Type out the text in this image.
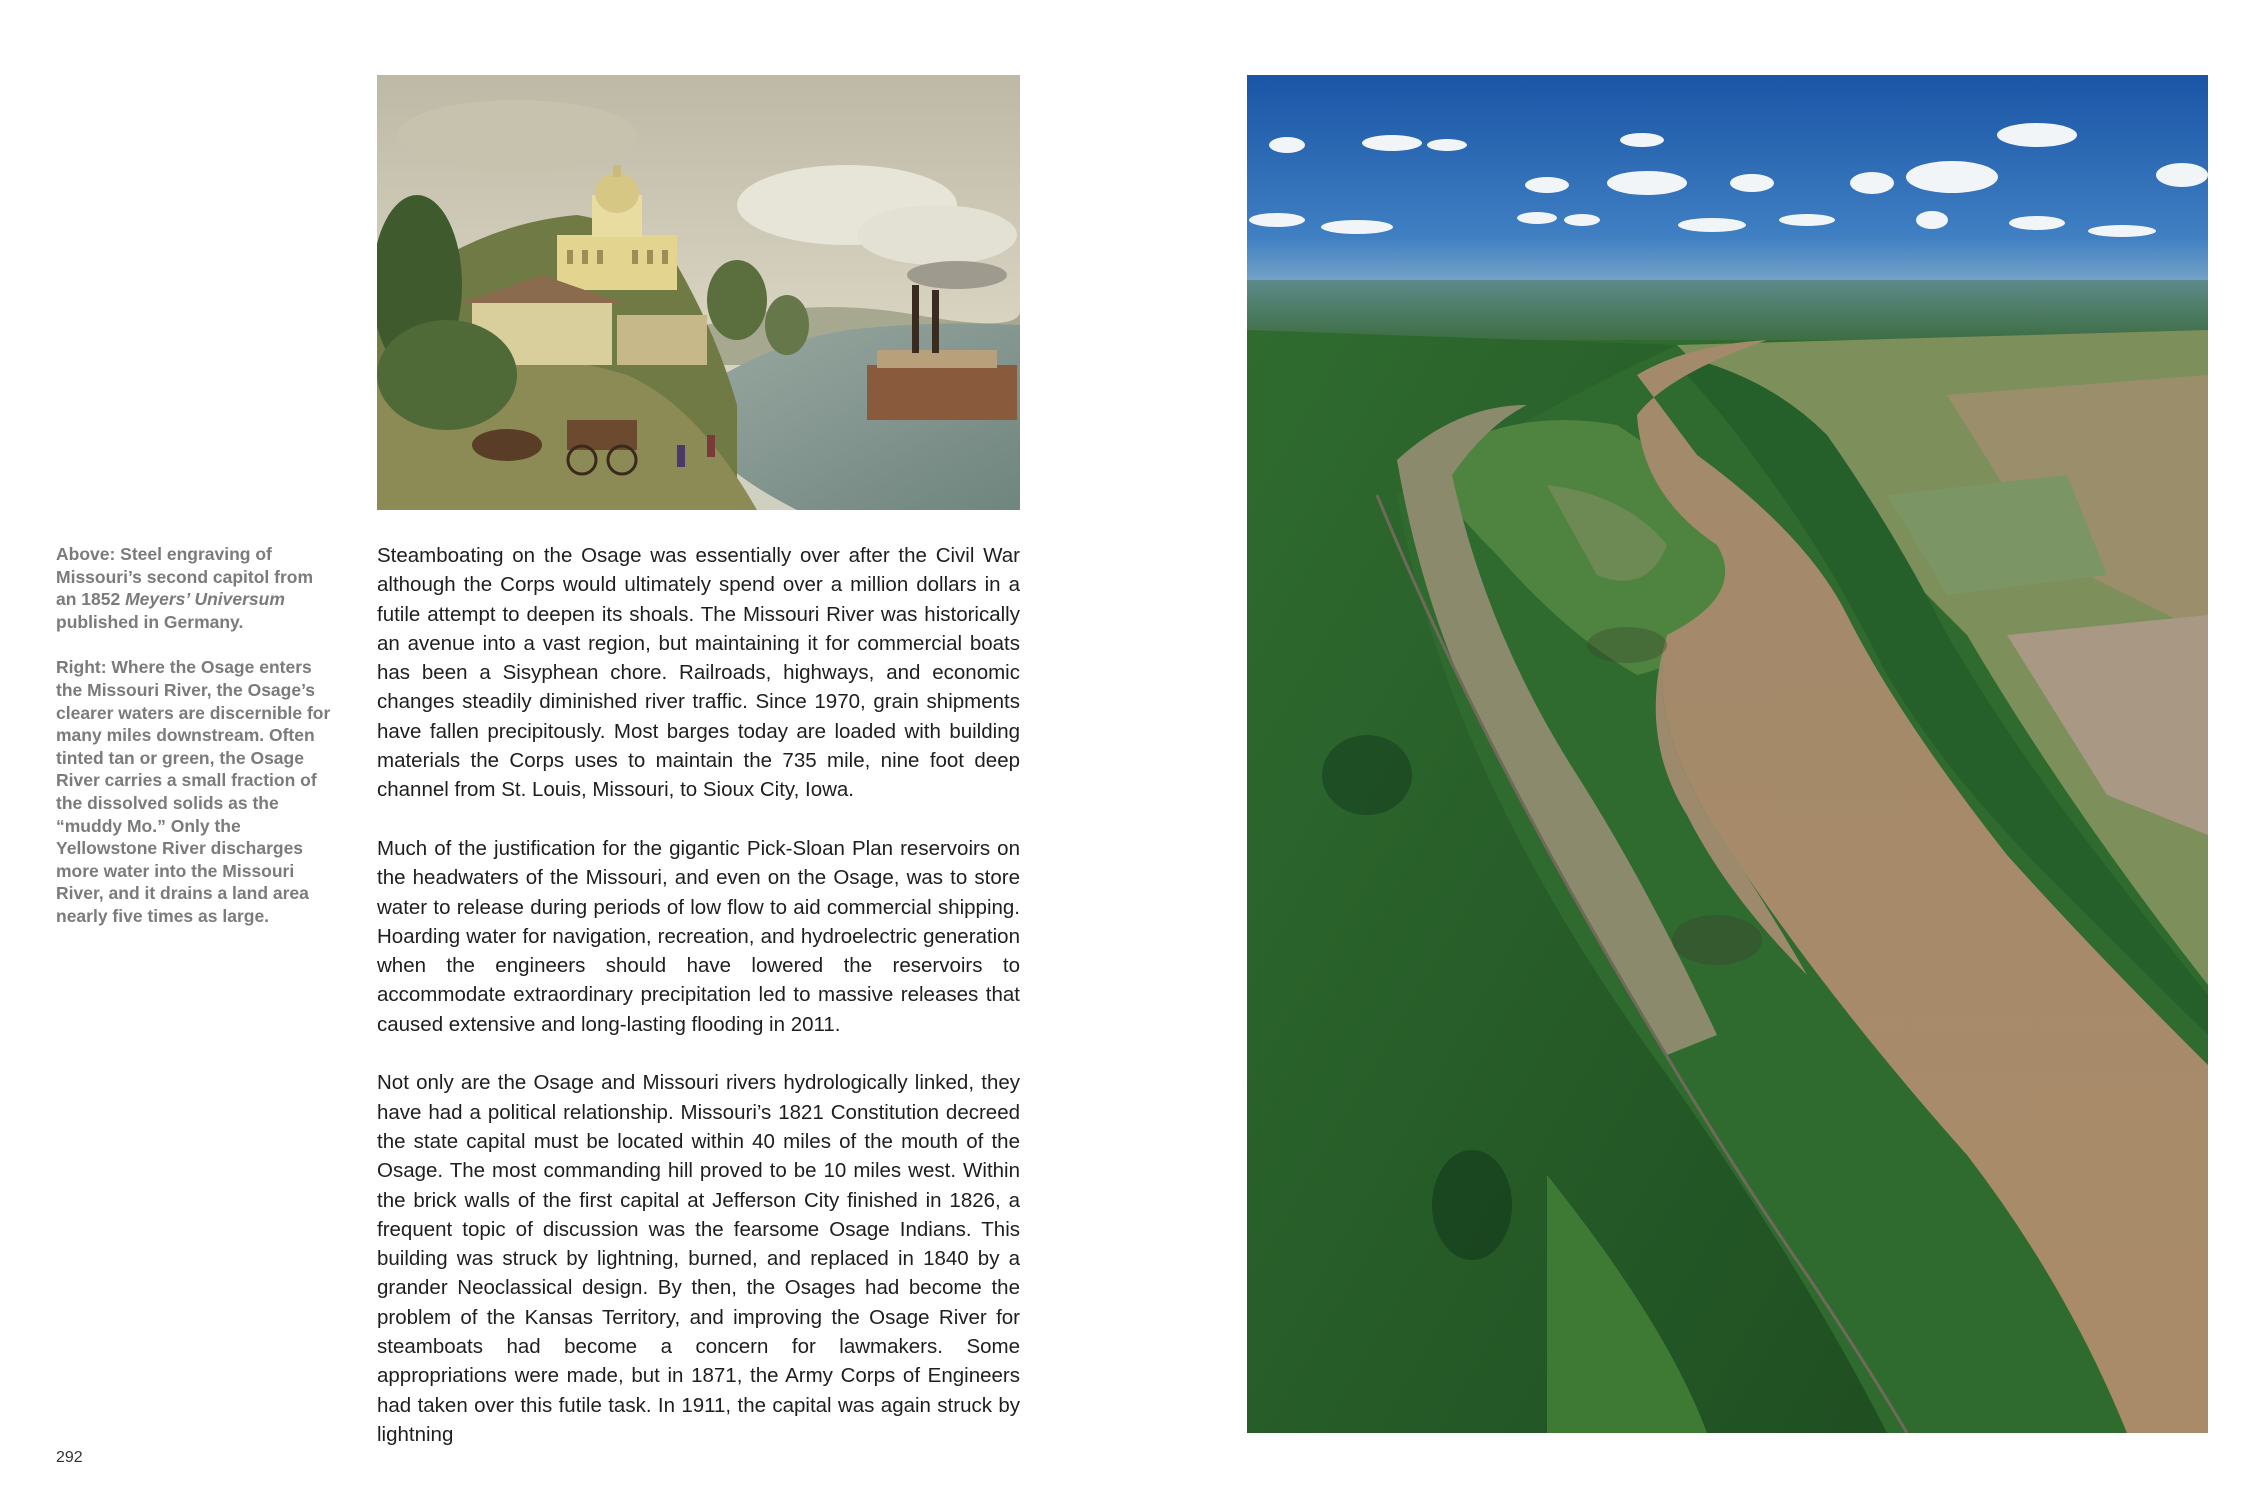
Above: Steel engraving of Missouri’s second capitol from an 1852 Meyers’ Universum published in Germany.

Right: Where the Osage enters the Missouri River, the Osage’s clearer waters are discernible for many miles downstream. Often tinted tan or green, the Osage River carries a small fraction of the dissolved solids as the “muddy Mo.” Only the Yellowstone River discharges more water into the Missouri River, and it drains a land area nearly five times as large.

Steamboating on the Osage was essentially over after the Civil War although the Corps would ultimately spend over a million dollars in a futile attempt to deepen its shoals. The Missouri River was historically an avenue into a vast region, but maintaining it for commercial boats has been a Sisyphean chore. Railroads, highways, and economic changes steadily diminished river traffic. Since 1970, grain shipments have fallen precipitously. Most barges today are loaded with building materials the Corps uses to maintain the 735 mile, nine foot deep channel from St. Louis, Missouri, to Sioux City, Iowa.

Much of the justification for the gigantic Pick-Sloan Plan reservoirs on the headwaters of the Missouri, and even on the Osage, was to store water to release during periods of low flow to aid commercial shipping. Hoarding water for navigation, recreation, and hydroelectric generation when the engineers should have lowered the reservoirs to accommodate extraordinary precipitation led to massive releases that caused extensive and long-lasting flooding in 2011.

Not only are the Osage and Missouri rivers hydrologically linked, they have had a political relationship. Missouri’s 1821 Constitution decreed the state capital must be located within 40 miles of the mouth of the Osage. The most commanding hill proved to be 10 miles west. Within the brick walls of the first capital at Jefferson City finished in 1826, a frequent topic of discussion was the fearsome Osage Indians. This building was struck by lightning, burned, and replaced in 1840 by a grander Neoclassical design. By then, the Osages had become the problem of the Kansas Territory, and improving the Osage River for steamboats had become a concern for lawmakers. Some appropriations were made, but in 1871, the Army Corps of Engineers had taken over this futile task. In 1911, the capital was again struck by lightning

292
